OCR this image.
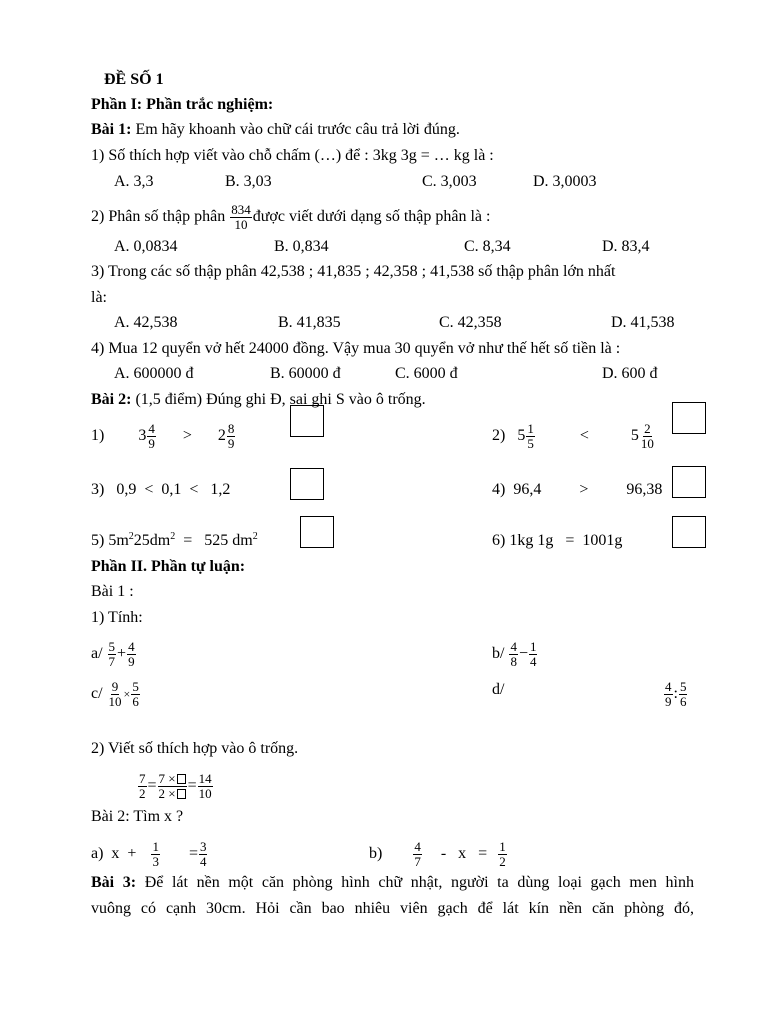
ĐỀ SỐ 1
Phần I: Phần trắc nghiệm:
Bài 1: Em hãy khoanh vào chữ cái trước câu trả lời đúng.
1) Số thích hợp viết vào chỗ chấm (…) để : 3kg 3g = … kg là :
A. 3,3	B. 3,03	C. 3,003	D. 3,0003
2) Phân số thập phân $\frac{834}{10}$ được viết dưới dạng số thập phân là :
A. 0,0834	B. 0,834	C. 8,34	D. 83,4
3) Trong các số thập phân 42,538 ; 41,835 ; 42,358 ; 41,538 số thập phân lớn nhất
là:
A. 42,538	B. 41,835	C. 42,358	D. 41,538
4) Mua 12 quyển vở hết 24000 đồng. Vậy mua 30 quyển vở như thế hết số tiền là :
A. 600000 đ	B. 60000 đ	C. 6000 đ	D. 600 đ
Bài 2: (1,5 điểm) Đúng ghi Đ, sai ghi S vào ô trống.
1) $3 \frac{4}{9} > 2 \frac{8}{9}$	2) $5 \frac{1}{5}$	<	$5 \frac{2}{10}$
3)   0,9  <  0,1  <   1,2	4)  96,4 > 96,38
5) $5m^225dm^2 = 525$ $dm^2$	6) 1kg 1g   =  1001g
Phần II. Phần tự luận:
Bài 1 :
1) Tính:
$a/ \frac{5}{7} + \frac{4}{9}$	$b/ \frac{4}{8} - \frac{1}{4}$
$c/ \frac{9}{10} \times \frac{5}{6}$	d/	$\frac{4}{9}$ : $\frac{5}{6}$
2) Viết số thích hợp vào ô trống.
$\frac{7}{2} = \frac{7 \times}{2 \times} = \frac{14}{10}$
Bài 2: Tìm x ?
a)  $x + \frac{1}{3} = \frac{3}{4}$	$b) \frac{4}{7} - x = \frac{1}{2}$
Bài 3: Để lát nền một căn phòng hình chữ nhật, người ta dùng loại gạch men hình
vuông có cạnh 30cm. Hỏi cần bao nhiêu viên gạch để lát kín nền căn phòng đó,
